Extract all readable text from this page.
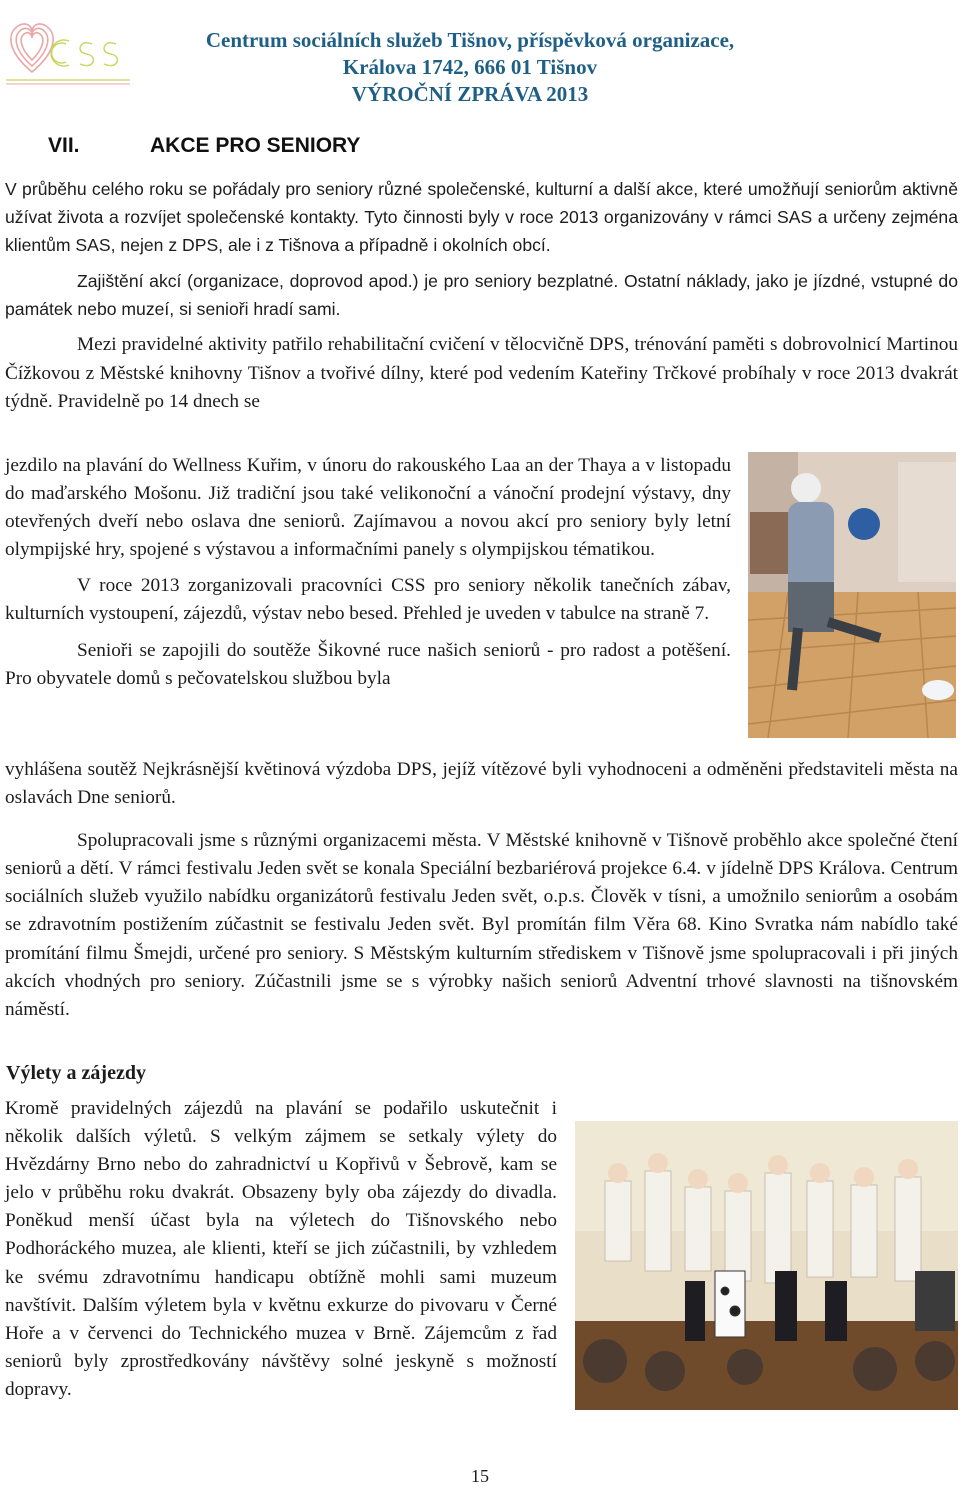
Centrum sociálních služeb Tišnov, příspěvková organizace,
Králova 1742, 666 01 Tišnov
VÝROČNÍ ZPRÁVA 2013
VII.	AKCE PRO SENIORY

V průběhu celého roku se pořádaly pro seniory různé společenské, kulturní a další akce, které umožňují seniorům aktivně užívat života a rozvíjet společenské kontakty. Tyto činnosti byly v roce 2013 organizovány v rámci SAS a určeny zejména klientům SAS, nejen z DPS, ale i z Tišnova a případně i okolních obcí.

Zajištění akcí (organizace, doprovod apod.) je pro seniory bezplatné. Ostatní náklady, jako je jízdné, vstupné do památek nebo muzeí, si senioři hradí sami.

Mezi pravidelné aktivity patřilo rehabilitační cvičení v tělocvičně DPS, trénování paměti s dobrovolnicí Martinou Čížkovou z Městské knihovny Tišnov a tvořivé dílny, které pod vedením Kateřiny Trčkové probíhaly v roce 2013 dvakrát týdně. Pravidelně po 14 dnech se

jezdilo na plavání do Wellness Kuřim, v únoru do rakouského Laa an der Thaya a v listopadu do maďarského Mošonu. Již tradiční jsou také velikonoční a vánoční prodejní výstavy, dny otevřených dveří nebo oslava dne seniorů. Zajímavou a novou akcí pro seniory byly letní olympijské hry, spojené s výstavou a informačními panely s olympijskou tématikou.

V roce 2013 zorganizovali pracovníci CSS pro seniory několik tanečních zábav, kulturních vystoupení, zájezdů, výstav nebo besed. Přehled je uveden v tabulce na straně 7.

Senioři se zapojili do soutěže Šikovné ruce našich seniorů - pro radost a potěšení. Pro obyvatele domů s pečovatelskou službou byla

vyhlášena soutěž Nejkrásnější květinová výzdoba DPS, jejíž vítězové byli vyhodnoceni a odměněni představiteli města na oslavách Dne seniorů.

Spolupracovali jsme s různými organizacemi města. V Městské knihovně v Tišnově proběhlo akce společné čtení seniorů a dětí. V rámci festivalu Jeden svět se konala Speciální bezbariérová projekce 6.4. v jídelně DPS Králova. Centrum sociálních služeb využilo nabídku organizátorů festivalu Jeden svět, o.p.s. Člověk v tísni, a umožnilo seniorům a osobám se zdravotním postižením zúčastnit se festivalu Jeden svět. Byl promítán film Věra 68. Kino Svratka nám nabídlo také promítání filmu Šmejdi, určené pro seniory. S Městským kulturním střediskem v Tišnově jsme spolupracovali i při jiných akcích vhodných pro seniory. Zúčastnili jsme se s výrobky našich seniorů Adventní trhové slavnosti na tišnovském náměstí.

Výlety a zájezdy

Kromě pravidelných zájezdů na plavání se podařilo uskutečnit i několik dalších výletů. S velkým zájmem se setkaly výlety do Hvězdárny Brno nebo do zahradnictví u Kopřivů v Šebrově, kam se jelo v průběhu roku dvakrát. Obsazeny byly oba zájezdy do divadla. Poněkud menší účast byla na výletech do Tišnovského nebo Podhoráckého muzea, ale klienti, kteří se jich zúčastnili, by vzhledem ke svému zdravotnímu handicapu obtížně mohli sami muzeum navštívit. Dalším výletem byla v květnu exkurze do pivovaru v Černé Hoře a v červenci do Technického muzea v Brně. Zájemcům z řad seniorů byly zprostředkovány návštěvy solné jeskyně s možností dopravy.

15
